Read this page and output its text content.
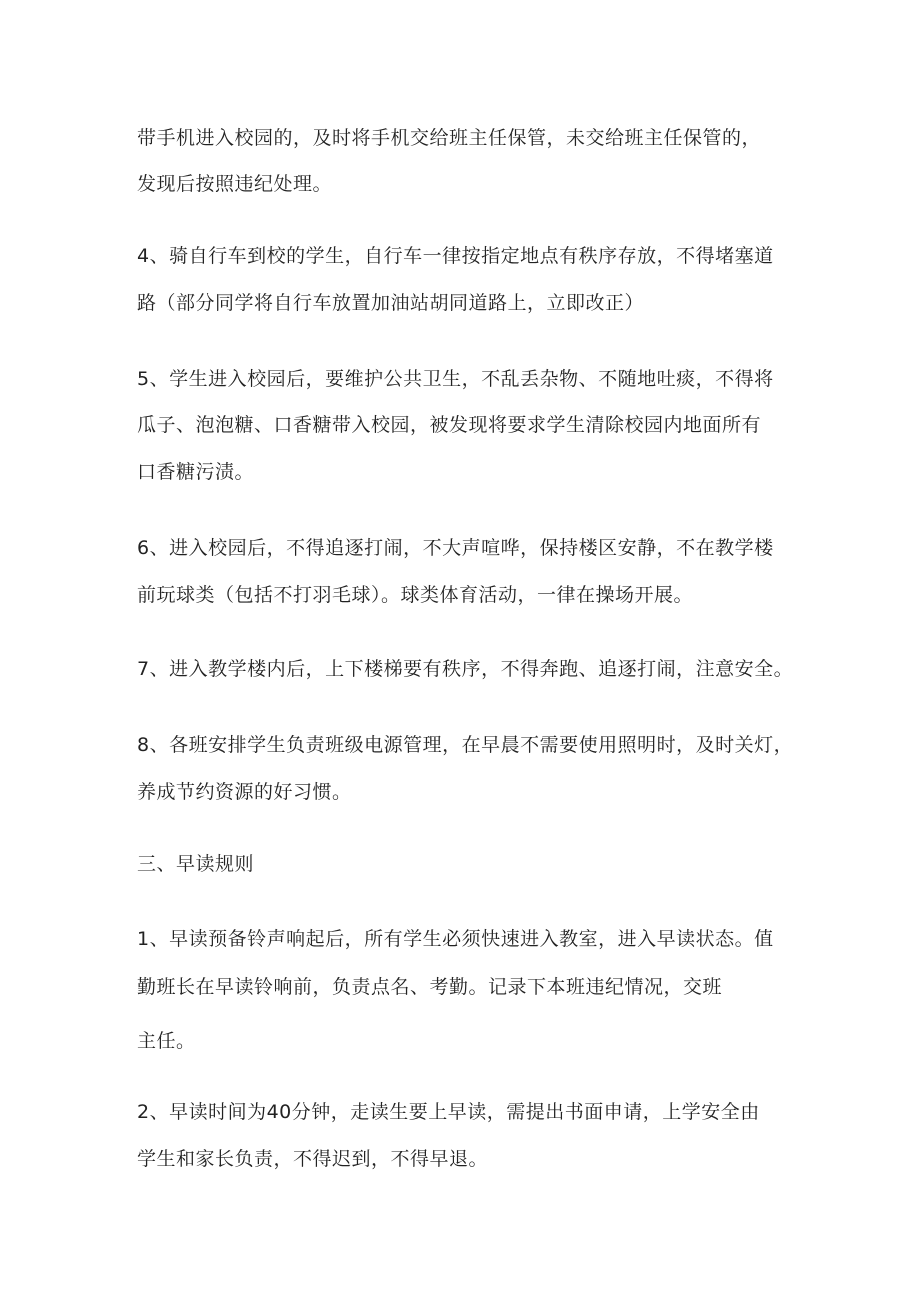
带手机进入校园的，及时将手机交给班主任保管，未交给班主任保管的，
发现后按照违纪处理。
4、骑自行车到校的学生，自行车一律按指定地点有秩序存放，不得堵塞道
路（部分同学将自行车放置加油站胡同道路上，立即改正）
5、学生进入校园后，要维护公共卫生，不乱丢杂物、不随地吐痰，不得将
瓜子、泡泡糖、口香糖带入校园，被发现将要求学生清除校园内地面所有
口香糖污渍。
6、进入校园后，不得追逐打闹，不大声喧哗，保持楼区安静，不在教学楼
前玩球类（包括不打羽毛球）。球类体育活动，一律在操场开展。
7、进入教学楼内后，上下楼梯要有秩序，不得奔跑、追逐打闹，注意安全。
8、各班安排学生负责班级电源管理，在早晨不需要使用照明时，及时关灯，
养成节约资源的好习惯。
三、早读规则
1、早读预备铃声响起后，所有学生必须快速进入教室，进入早读状态。值
勤班长在早读铃响前，负责点名、考勤。记录下本班违纪情况，交班
主任。
2、早读时间为40分钟，走读生要上早读，需提出书面申请，上学安全由
学生和家长负责，不得迟到，不得早退。
